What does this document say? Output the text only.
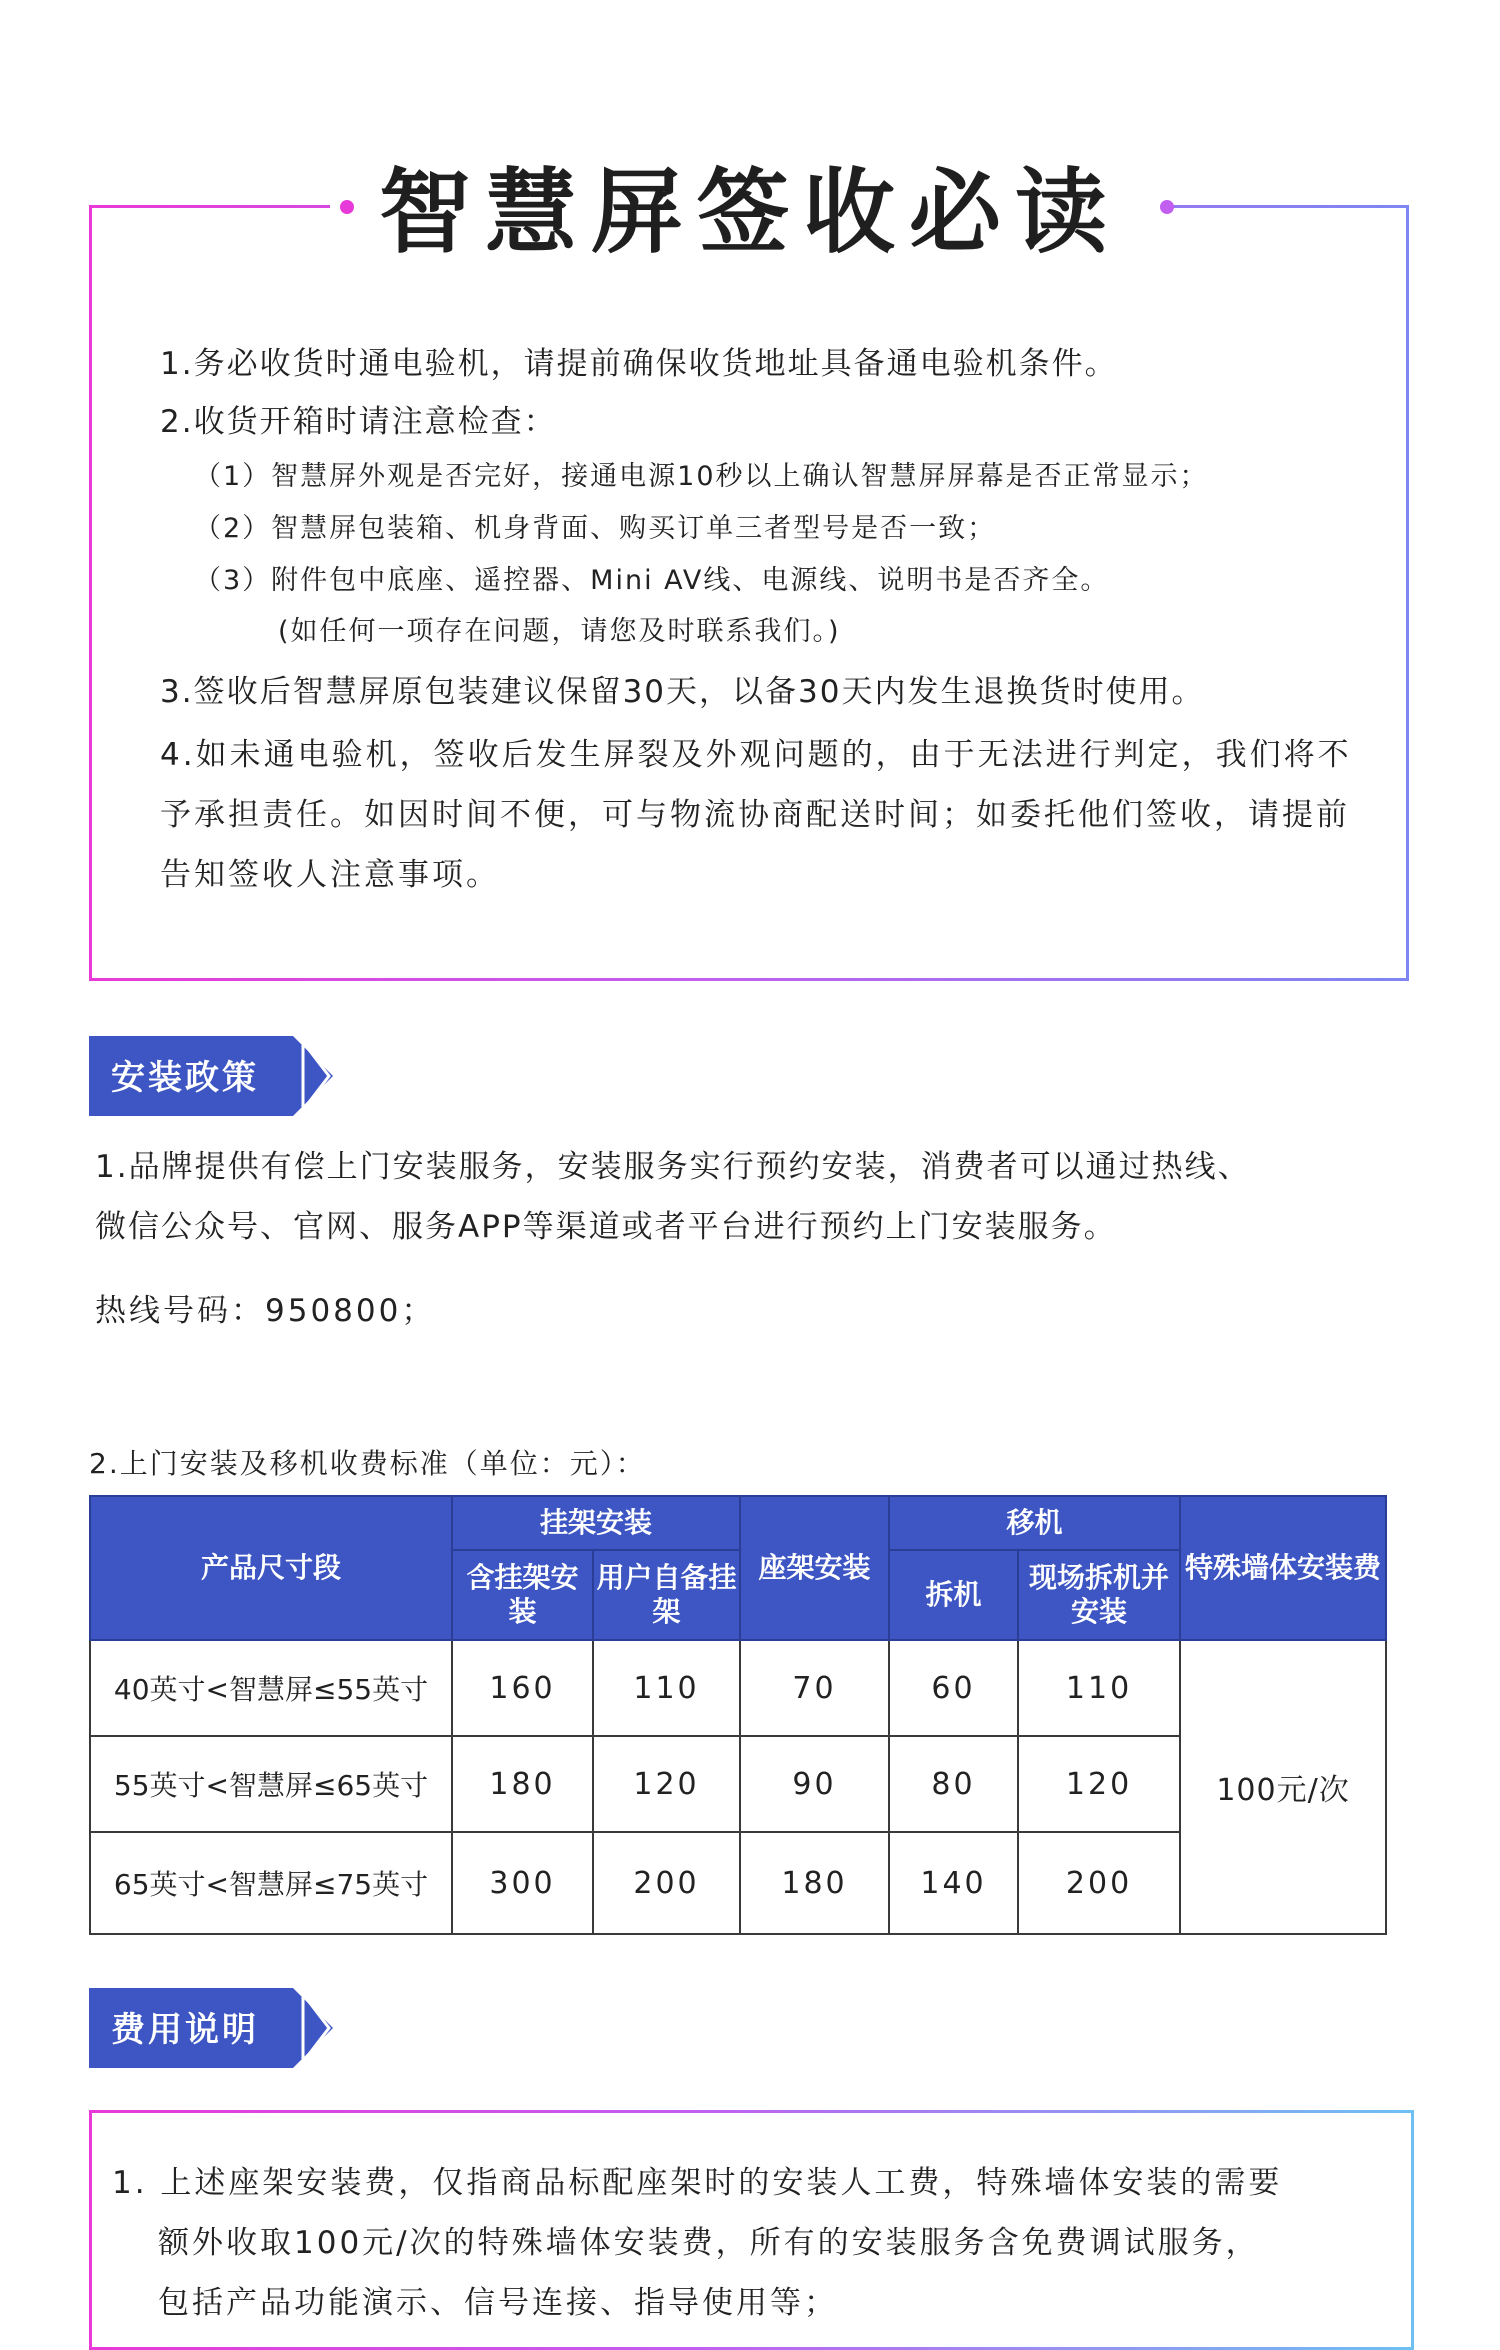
智慧屏签收必读
1.务必收货时通电验机，请提前确保收货地址具备通电验机条件。
2.收货开箱时请注意检查：
（1）智慧屏外观是否完好，接通电源10秒以上确认智慧屏屏幕是否正常显示；
（2）智慧屏包装箱、机身背面、购买订单三者型号是否一致；
（3）附件包中底座、遥控器、Mini AV线、电源线、说明书是否齐全。
(如任何一项存在问题，请您及时联系我们。)
3.签收后智慧屏原包装建议保留30天，以备30天内发生退换货时使用。
4.如未通电验机，签收后发生屏裂及外观问题的，由于无法进行判定，我们将不予承担责任。如因时间不便，可与物流协商配送时间；如委托他们签收，请提前告知签收人注意事项。
安装政策
1.品牌提供有偿上门安装服务，安装服务实行预约安装，消费者可以通过热线、
微信公众号、官网、服务APP等渠道或者平台进行预约上门安装服务。
热线号码：950800；
2.上门安装及移机收费标准（单位：元）：
产品尺寸段	挂架安装		座架安装	移机		特殊墙体安装费
	含挂架安装	用户自备挂架		拆机	现场拆机并安装	
40英寸<智慧屏≤55英寸	160	110	70	60	110	100元/次
55英寸<智慧屏≤65英寸	180	120	90	80	120	
65英寸<智慧屏≤75英寸	300	200	180	140	200	
费用说明
1. 上述座架安装费，仅指商品标配座架时的安装人工费，特殊墙体安装的需要
额外收取100元/次的特殊墙体安装费，所有的安装服务含免费调试服务，
包括产品功能演示、信号连接、指导使用等；
